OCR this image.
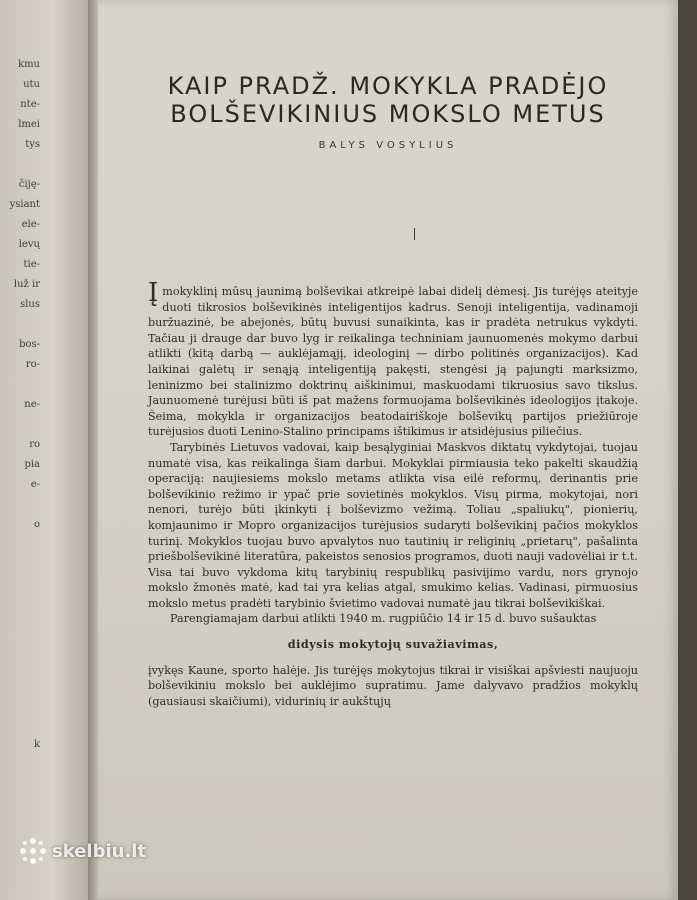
kmu
utu
nte-
lmei
tys

čiję-
ysiant
ele-
levų
tie-
luž ir
slus

bos-
ro-

ne-

ro
pia
e-

o

k

KAIP PRADŽ. MOKYKLA PRADĖJO
BOLŠEVIKINIUS MOKSLO METUS
BALYS VOSYLIUS

Įmokyklinį mūsų jaunimą bolševikai atkreipė labai didelį dėmesį. Jis turėjęs ateityje duoti tikrosios bolševikinės inteligentijos kadrus. Senoji inteligentija, vadinamoji buržuazinė, be abejonės, būtų buvusi sunaikinta, kas ir pradėta netrukus vykdyti. Tačiau ji drauge dar buvo lyg ir reikalinga techniniam jaunuomenės mokymo darbui atlikti (kitą darbą — auklėjamąjį, ideologinį — dirbo politinės organizacijos). Kad laikinai galėtų ir senąją inteligentiją pakęsti, stengėsi ją pajungti marksizmo, leninizmo bei stalinizmo doktrinų aiškinimui, maskuodami tikruosius savo tikslus. Jaunuomenė turėjusi būti iš pat mažens formuojama bolševikinės ideologijos įtakoje. Šeima, mokykla ir organizacijos beatodairiškoje bolševikų partijos priežiūroje turėjusios duoti Lenino-Stalino principams ištikimus ir atsidėjusius piliečius.

Tarybinės Lietuvos vadovai, kaip besąlyginiai Maskvos diktatų vykdytojai, tuojau numatė visa, kas reikalinga šiam darbui. Mokyklai pirmiausia teko pakelti skaudžią operaciją: naujiesiems mokslo metams atlikta visa eilė reformų, derinantis prie bolševikinio režimo ir ypač prie sovietinės mokyklos. Visų pirma, mokytojai, nori nenori, turėjo būti įkinkyti į bolševizmo vežimą. Toliau „spaliukų", pionierių, komjaunimo ir Mopro organizacijos turėjusios sudaryti bolševikinį pačios mokyklos turinį. Mokyklos tuojau buvo apvalytos nuo tautinių ir religinių „prietarų", pašalinta priešbolševikinė literatūra, pakeistos senosios programos, duoti nauji vadovėliai ir t.t. Visa tai buvo vykdoma kitų tarybinių respublikų pasivijimo vardu, nors grynojo mokslo žmonės matė, kad tai yra kelias atgal, smukimo kelias. Vadinasi, pirmuosius mokslo metus pradėti tarybinio švietimo vadovai numatė jau tikrai bolševikiškai.

Parengiamajam darbui atlikti 1940 m. rugpiūčio 14 ir 15 d. buvo sušauktas

didysis mokytojų suvažiavimas,

įvykęs Kaune, sporto halėje. Jis turėjęs mokytojus tikrai ir visiškai apšviesti naujuoju bolševikiniu mokslo bei auklėjimo supratimu. Jame dalyvavo pradžios mokyklų (gausiausi skaičiumi), vidurinių ir aukštųjų

skelbiu.lt
